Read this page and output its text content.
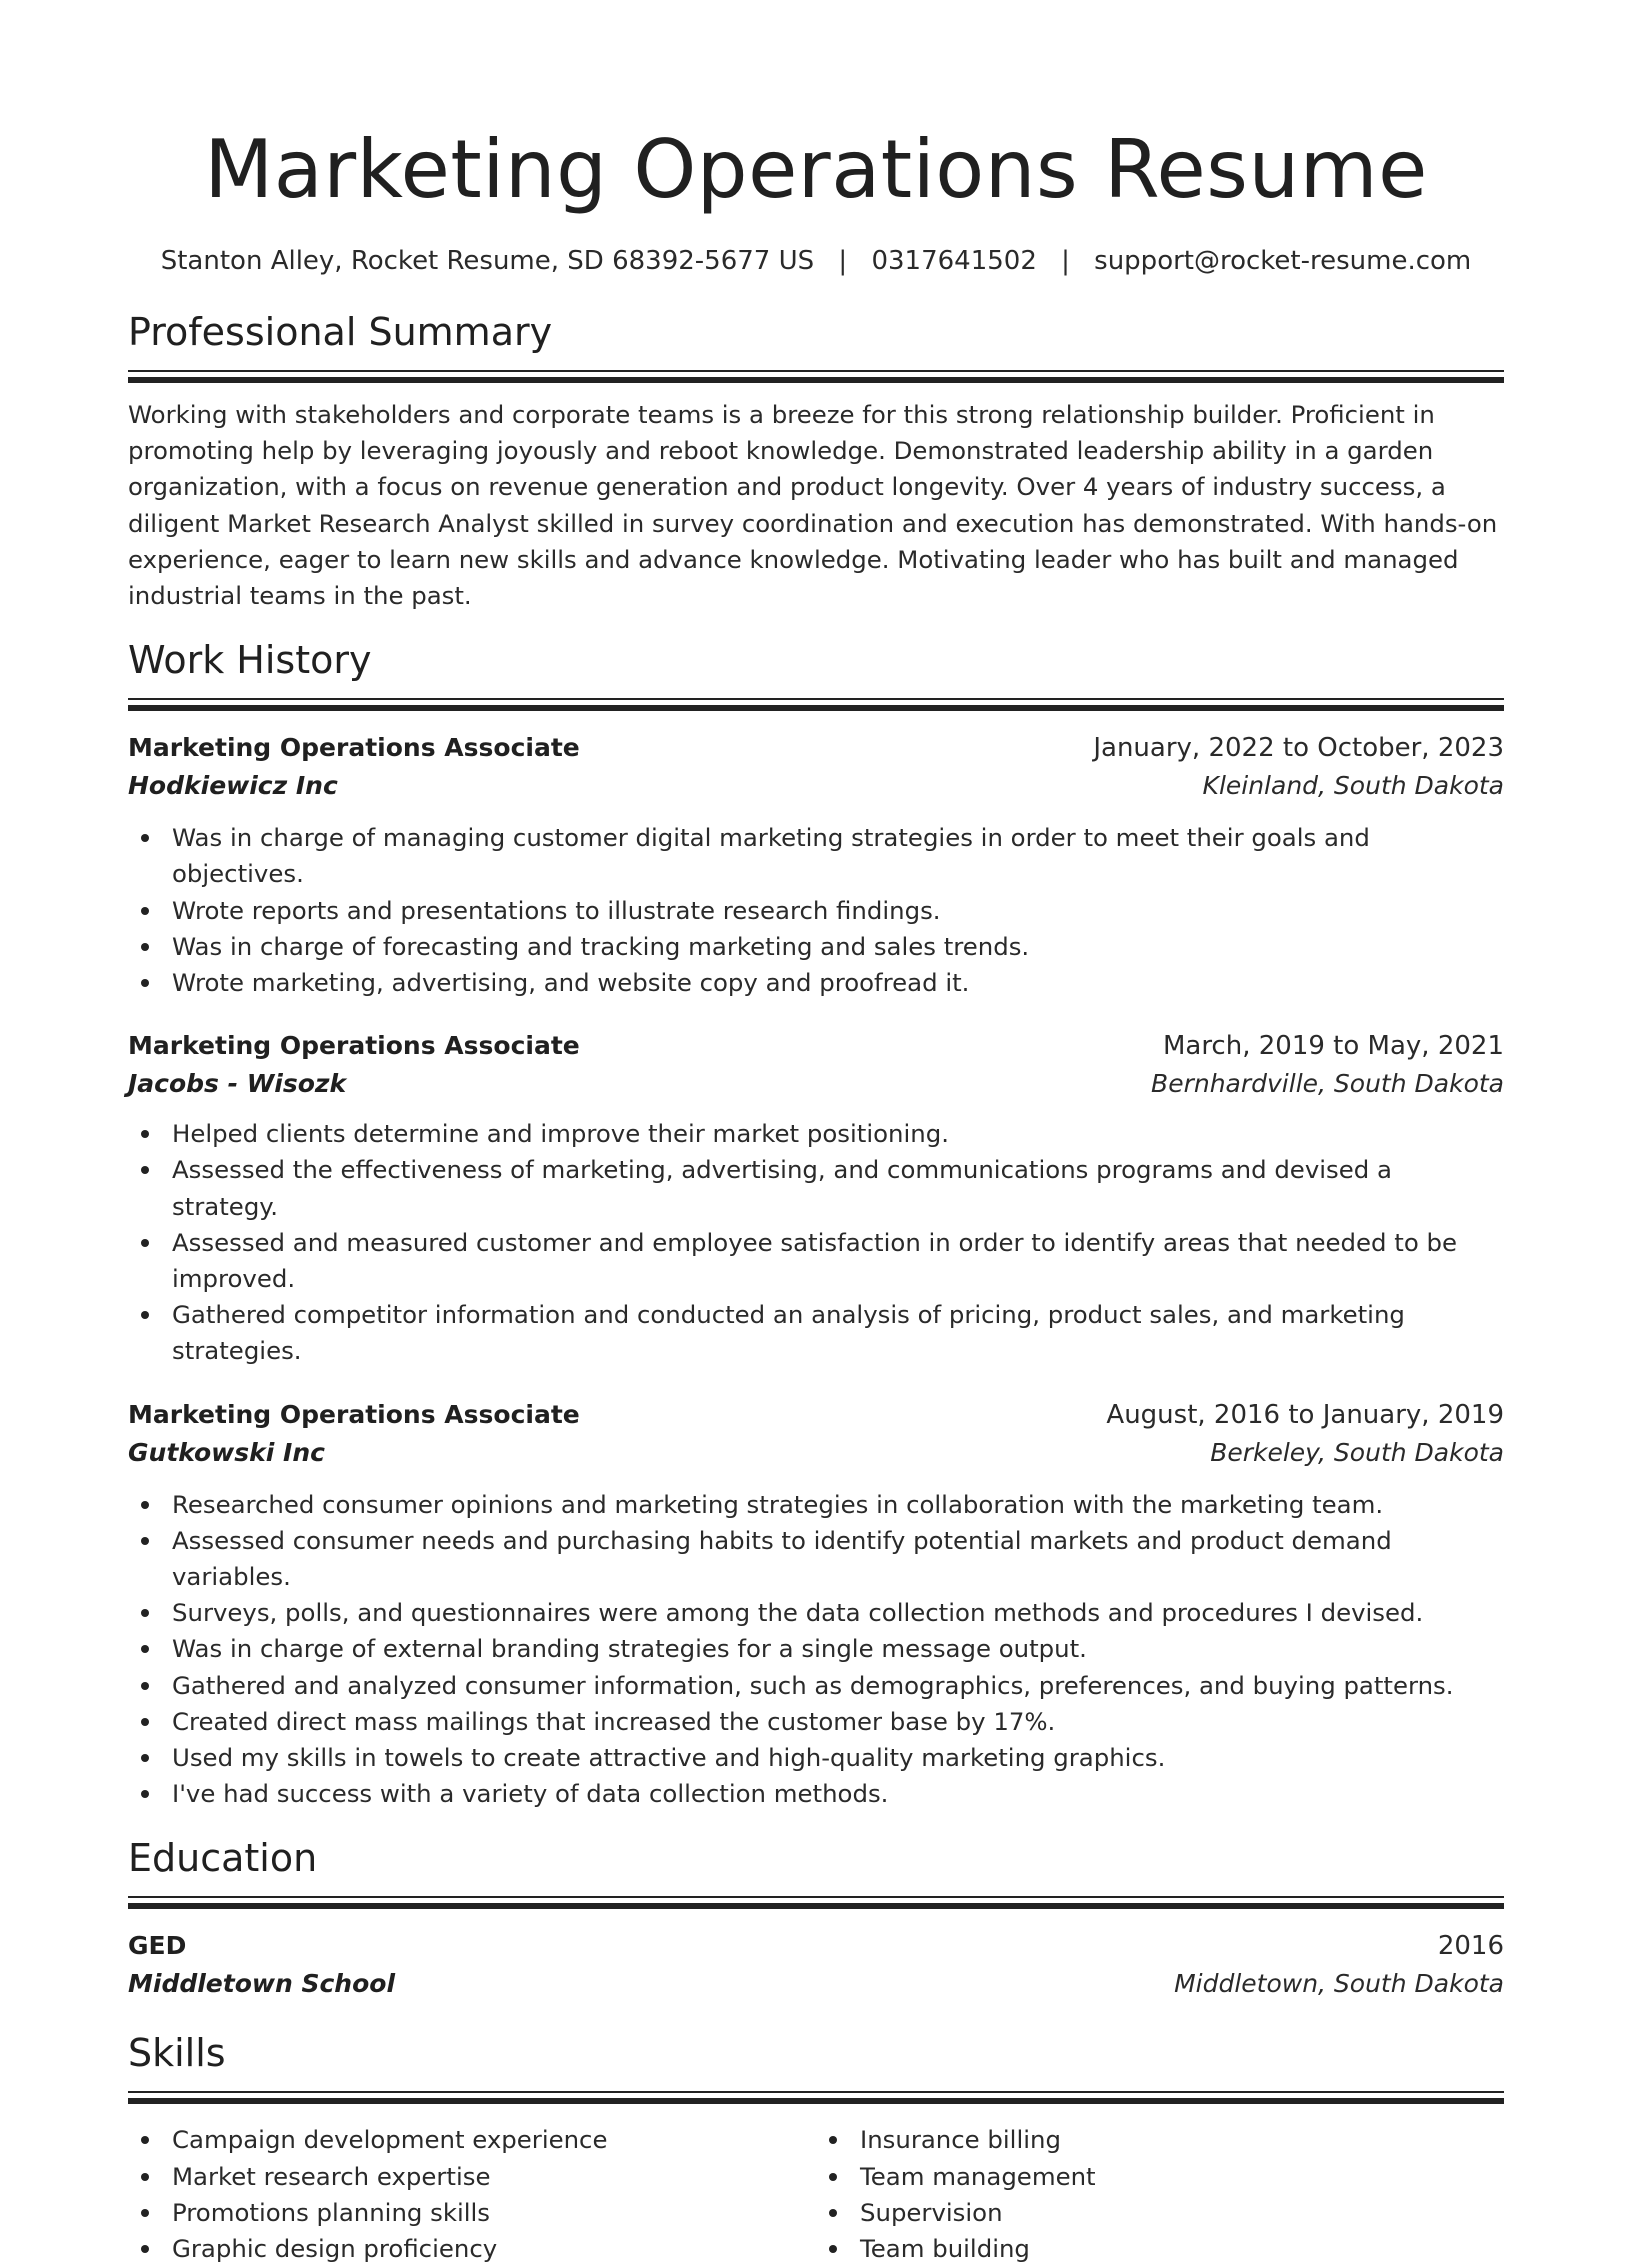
Marketing Operations Resume
Stanton Alley, Rocket Resume, SD 68392-5677 US | 0317641502 | support@rocket-resume.com
Professional Summary
Working with stakeholders and corporate teams is a breeze for this strong relationship builder. Proficient in promoting help by leveraging joyously and reboot knowledge. Demonstrated leadership ability in a garden organization, with a focus on revenue generation and product longevity. Over 4 years of industry success, a diligent Market Research Analyst skilled in survey coordination and execution has demonstrated. With hands-on experience, eager to learn new skills and advance knowledge. Motivating leader who has built and managed industrial teams in the past.
Work History
Marketing Operations Associate	January, 2022 to October, 2023
Hodkiewicz Inc	Kleinland, South Dakota
Was in charge of managing customer digital marketing strategies in order to meet their goals and objectives.
Wrote reports and presentations to illustrate research findings.
Was in charge of forecasting and tracking marketing and sales trends.
Wrote marketing, advertising, and website copy and proofread it.
Marketing Operations Associate	March, 2019 to May, 2021
Jacobs - Wisozk	Bernhardville, South Dakota
Helped clients determine and improve their market positioning.
Assessed the effectiveness of marketing, advertising, and communications programs and devised a strategy.
Assessed and measured customer and employee satisfaction in order to identify areas that needed to be improved.
Gathered competitor information and conducted an analysis of pricing, product sales, and marketing strategies.
Marketing Operations Associate	August, 2016 to January, 2019
Gutkowski Inc	Berkeley, South Dakota
Researched consumer opinions and marketing strategies in collaboration with the marketing team.
Assessed consumer needs and purchasing habits to identify potential markets and product demand variables.
Surveys, polls, and questionnaires were among the data collection methods and procedures I devised.
Was in charge of external branding strategies for a single message output.
Gathered and analyzed consumer information, such as demographics, preferences, and buying patterns.
Created direct mass mailings that increased the customer base by 17%.
Used my skills in towels to create attractive and high-quality marketing graphics.
I've had success with a variety of data collection methods.
Education
GED	2016
Middletown School	Middletown, South Dakota
Skills
Campaign development experience
Market research expertise
Promotions planning skills
Graphic design proficiency
Insurance billing
Team management
Supervision
Team building
